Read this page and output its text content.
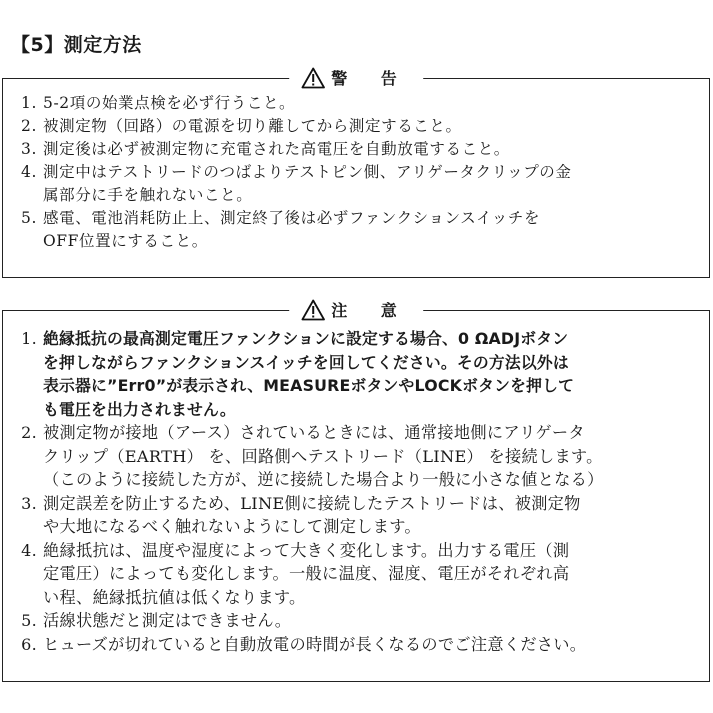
【5】測定方法
警 告
1. 5-2項の始業点検を必ず行うこと。
2. 被測定物（回路）の電源を切り離してから測定すること。
3. 測定後は必ず被測定物に充電された高電圧を自動放電すること。
4. 測定中はテストリードのつばよりテストピン側、アリゲータクリップの金
属部分に手を触れないこと。
5. 感電、電池消耗防止上、測定終了後は必ずファンクションスイッチを
OFF位置にすること。
注 意
1. 絶縁抵抗の最高測定電圧ファンクションに設定する場合、0 ΩADJボタン
を押しながらファンクションスイッチを回してください。その方法以外は
表示器に”Err0”が表示され、MEASUREボタンやLOCKボタンを押して
も電圧を出力されません。
2. 被測定物が接地（アース）されているときには、通常接地側にアリゲータ
クリップ（EARTH） を、回路側へテストリード（LINE） を接続します。
（このように接続した方が、逆に接続した場合より一般に小さな値となる）
3. 測定誤差を防止するため、LINE側に接続したテストリードは、被測定物
や大地になるべく触れないようにして測定します。
4. 絶縁抵抗は、温度や湿度によって大きく変化します。出力する電圧（測
定電圧）によっても変化します。一般に温度、湿度、電圧がそれぞれ高
い程、絶縁抵抗値は低くなります。
5. 活線状態だと測定はできません。
6. ヒューズが切れていると自動放電の時間が長くなるのでご注意ください。
